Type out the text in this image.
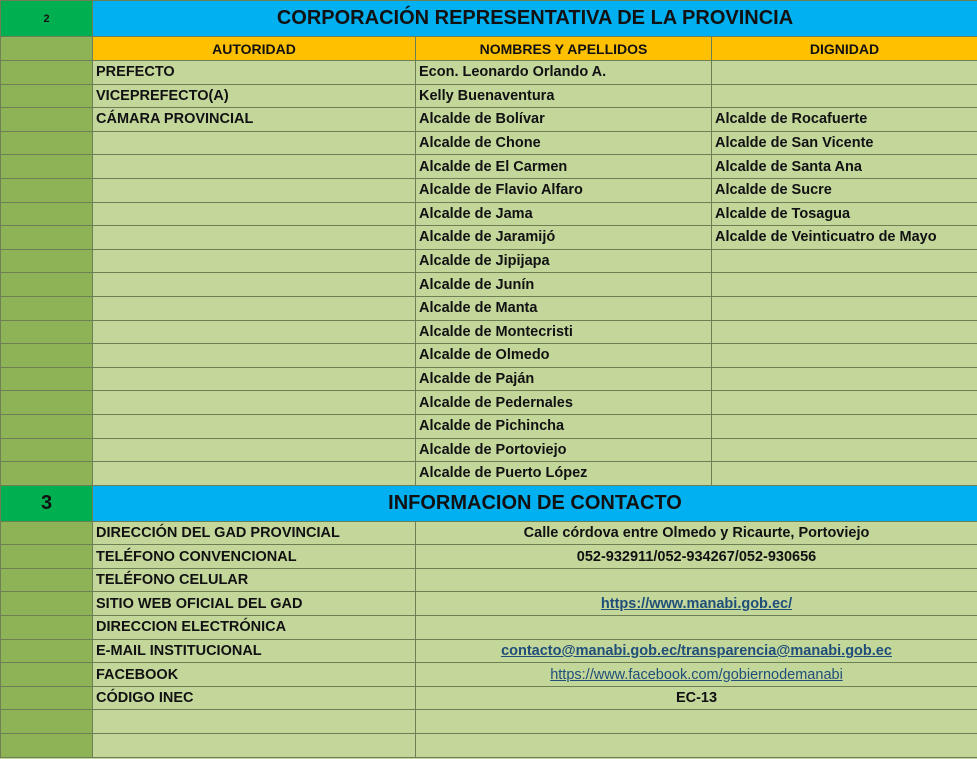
2	CORPORACIÓN REPRESENTATIVA DE LA PROVINCIA		
	AUTORIDAD	NOMBRES Y APELLIDOS	DIGNIDAD
	PREFECTO	Econ. Leonardo Orlando A.	
	VICEPREFECTO(A)	Kelly Buenaventura	
	CÁMARA PROVINCIAL	Alcalde de Bolívar	Alcalde de Rocafuerte
		Alcalde de Chone	Alcalde de San Vicente
		Alcalde de El Carmen	Alcalde de Santa Ana
		Alcalde de Flavio Alfaro	Alcalde de Sucre
		Alcalde de Jama	Alcalde de Tosagua
		Alcalde de Jaramijó	Alcalde de Veinticuatro de Mayo
		Alcalde de Jipijapa	
		Alcalde de Junín	
		Alcalde de Manta	
		Alcalde de Montecristi	
		Alcalde de Olmedo	
		Alcalde de Paján	
		Alcalde de Pedernales	
		Alcalde de Pichincha	
		Alcalde de Portoviejo	
		Alcalde de Puerto López	
3	INFORMACION DE CONTACTO		
	DIRECCIÓN DEL GAD PROVINCIAL	Calle córdova entre Olmedo y Ricaurte, Portoviejo	
	TELÉFONO CONVENCIONAL	052-932911/052-934267/052-930656	
	TELÉFONO CELULAR		
	SITIO WEB OFICIAL DEL GAD	https://www.manabi.gob.ec/	
	DIRECCION ELECTRÓNICA		
	E-MAIL INSTITUCIONAL	contacto@manabi.gob.ec/transparencia@manabi.gob.ec	
	FACEBOOK	https://www.facebook.com/gobiernodemanabi	
	CÓDIGO INEC	EC-13	
